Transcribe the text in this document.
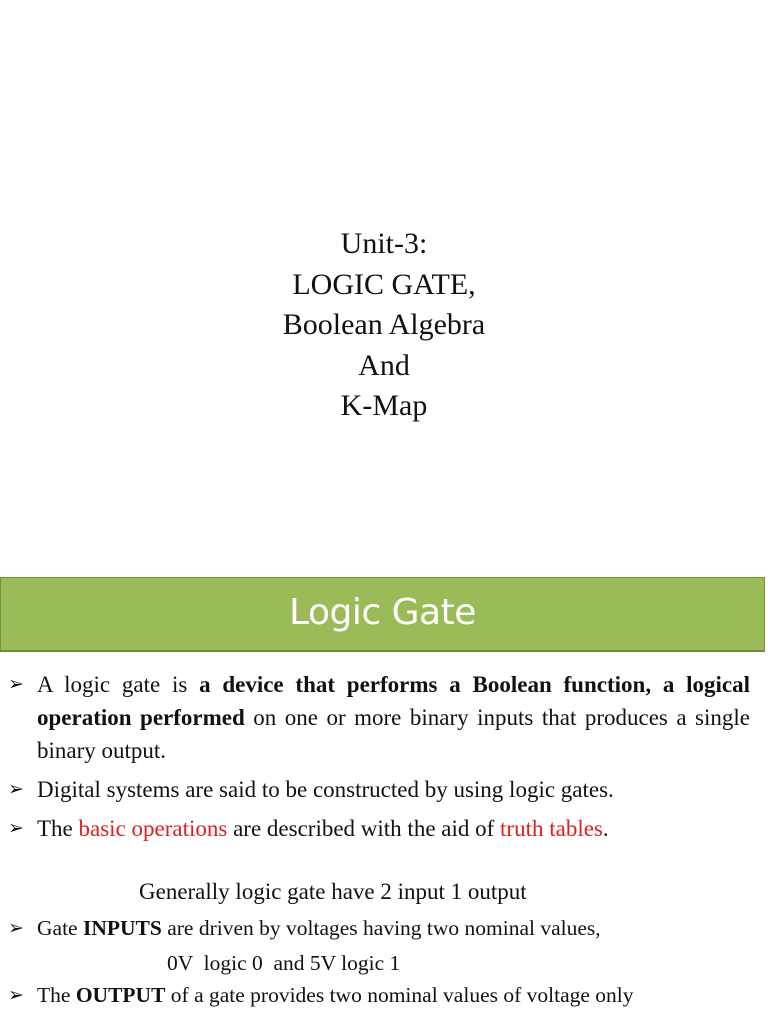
Unit-3:
LOGIC GATE,
Boolean Algebra
And
K-Map
Logic Gate
➢ A logic gate is a device that performs a Boolean function, a logical operation performed on one or more binary inputs that produces a single binary output.
➢ Digital systems are said to be constructed by using logic gates.
➢ The basic operations are described with the aid of truth tables.
Generally logic gate have 2 input 1 output
➢ Gate INPUTS are driven by voltages having two nominal values,
0V  logic 0  and 5V logic 1
➢ The OUTPUT of a gate provides two nominal values of voltage only
